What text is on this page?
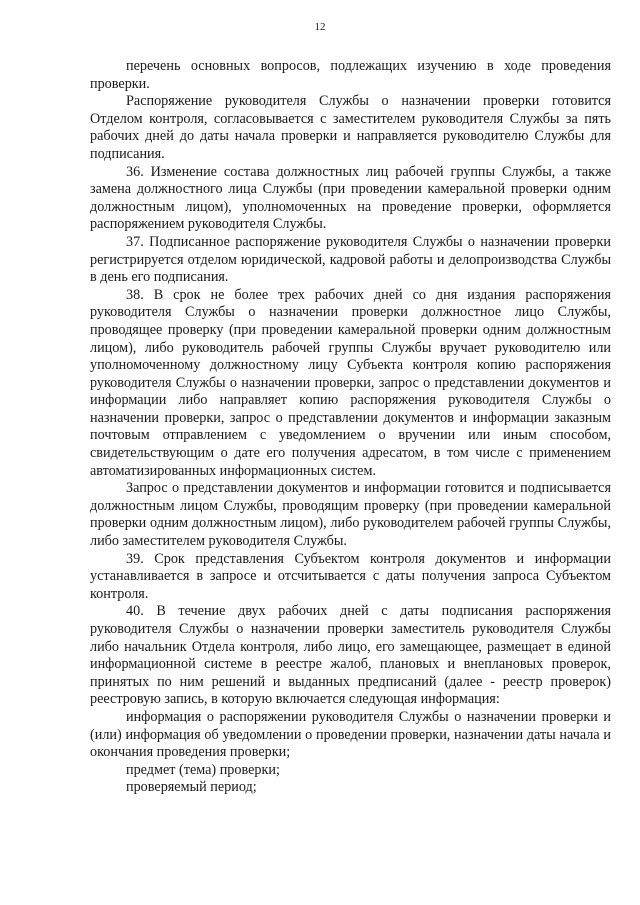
12

перечень основных вопросов, подлежащих изучению в ходе проведения проверки.

Распоряжение руководителя Службы о назначении проверки готовится Отделом контроля, согласовывается с заместителем руководителя Службы за пять рабочих дней до даты начала проверки и направляется руководителю Службы для подписания.

36. Изменение состава должностных лиц рабочей группы Службы, а также замена должностного лица Службы (при проведении камеральной проверки одним должностным лицом), уполномоченных на проведение проверки, оформляется распоряжением руководителя Службы.

37. Подписанное распоряжение руководителя Службы о назначении проверки регистрируется отделом юридической, кадровой работы и делопроизводства Службы в день его подписания.

38. В срок не более трех рабочих дней со дня издания распоряжения руководителя Службы о назначении проверки должностное лицо Службы, проводящее проверку (при проведении камеральной проверки одним должностным лицом), либо руководитель рабочей группы Службы вручает руководителю или уполномоченному должностному лицу Субъекта контроля копию распоряжения руководителя Службы о назначении проверки, запрос о представлении документов и информации либо направляет копию распоряжения руководителя Службы о назначении проверки, запрос о представлении документов и информации заказным почтовым отправлением с уведомлением о вручении или иным способом, свидетельствующим о дате его получения адресатом, в том числе с применением автоматизированных информационных систем.

Запрос о представлении документов и информации готовится и подписывается должностным лицом Службы, проводящим проверку (при проведении камеральной проверки одним должностным лицом), либо руководителем рабочей группы Службы, либо заместителем руководителя Службы.

39. Срок представления Субъектом контроля документов и информации устанавливается в запросе и отсчитывается с даты получения запроса Субъектом контроля.

40. В течение двух рабочих дней с даты подписания распоряжения руководителя Службы о назначении проверки заместитель руководителя Службы либо начальник Отдела контроля, либо лицо, его замещающее, размещает в единой информационной системе в реестре жалоб, плановых и внеплановых проверок, принятых по ним решений и выданных предписаний (далее - реестр проверок) реестровую запись, в которую включается следующая информация:

информация о распоряжении руководителя Службы о назначении проверки и (или) информация об уведомлении о проведении проверки, назначении даты начала и окончания проведения проверки;

предмет (тема) проверки;

проверяемый период;
